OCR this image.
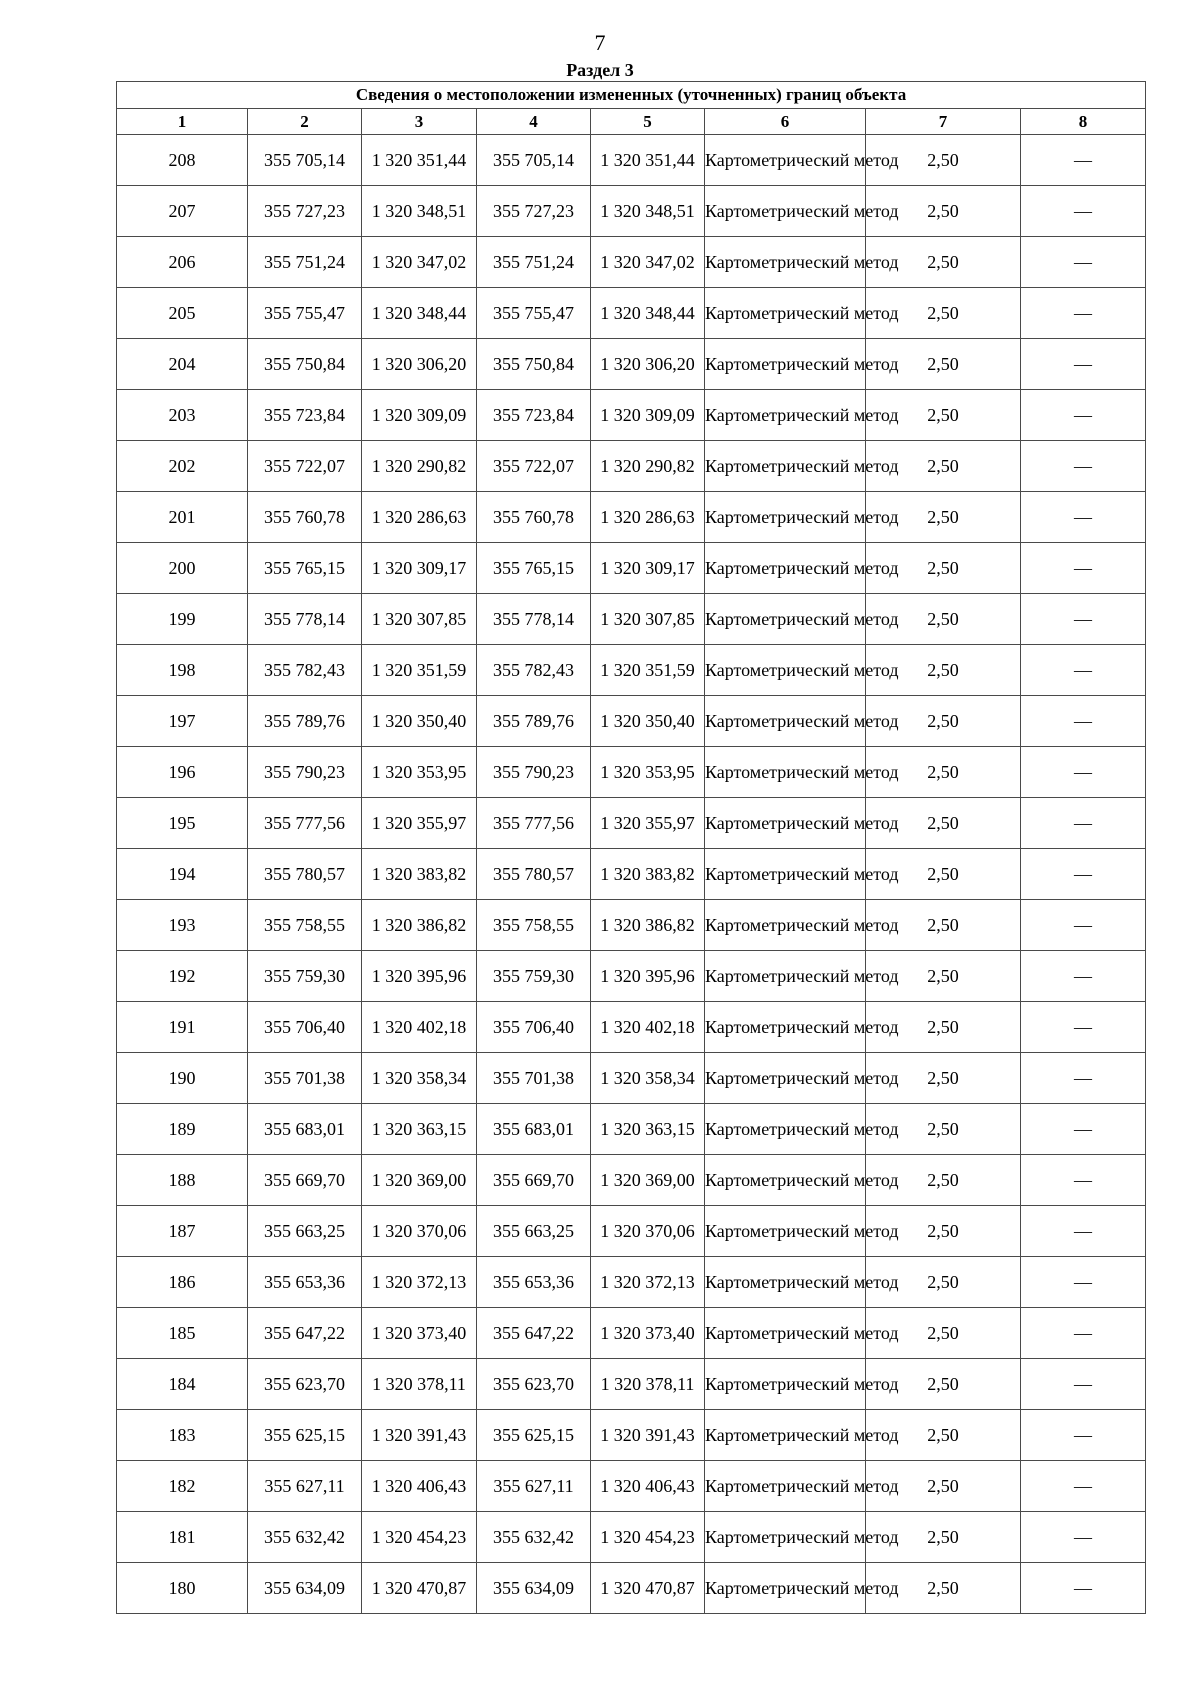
7
Раздел 3
Сведения о местоположении измененных (уточненных) границ объекта							
1	2	3	4	5	6	7	8
208	355 705,14	1 320 351,44	355 705,14	1 320 351,44	Картометрический метод	2,50	—
207	355 727,23	1 320 348,51	355 727,23	1 320 348,51	Картометрический метод	2,50	—
206	355 751,24	1 320 347,02	355 751,24	1 320 347,02	Картометрический метод	2,50	—
205	355 755,47	1 320 348,44	355 755,47	1 320 348,44	Картометрический метод	2,50	—
204	355 750,84	1 320 306,20	355 750,84	1 320 306,20	Картометрический метод	2,50	—
203	355 723,84	1 320 309,09	355 723,84	1 320 309,09	Картометрический метод	2,50	—
202	355 722,07	1 320 290,82	355 722,07	1 320 290,82	Картометрический метод	2,50	—
201	355 760,78	1 320 286,63	355 760,78	1 320 286,63	Картометрический метод	2,50	—
200	355 765,15	1 320 309,17	355 765,15	1 320 309,17	Картометрический метод	2,50	—
199	355 778,14	1 320 307,85	355 778,14	1 320 307,85	Картометрический метод	2,50	—
198	355 782,43	1 320 351,59	355 782,43	1 320 351,59	Картометрический метод	2,50	—
197	355 789,76	1 320 350,40	355 789,76	1 320 350,40	Картометрический метод	2,50	—
196	355 790,23	1 320 353,95	355 790,23	1 320 353,95	Картометрический метод	2,50	—
195	355 777,56	1 320 355,97	355 777,56	1 320 355,97	Картометрический метод	2,50	—
194	355 780,57	1 320 383,82	355 780,57	1 320 383,82	Картометрический метод	2,50	—
193	355 758,55	1 320 386,82	355 758,55	1 320 386,82	Картометрический метод	2,50	—
192	355 759,30	1 320 395,96	355 759,30	1 320 395,96	Картометрический метод	2,50	—
191	355 706,40	1 320 402,18	355 706,40	1 320 402,18	Картометрический метод	2,50	—
190	355 701,38	1 320 358,34	355 701,38	1 320 358,34	Картометрический метод	2,50	—
189	355 683,01	1 320 363,15	355 683,01	1 320 363,15	Картометрический метод	2,50	—
188	355 669,70	1 320 369,00	355 669,70	1 320 369,00	Картометрический метод	2,50	—
187	355 663,25	1 320 370,06	355 663,25	1 320 370,06	Картометрический метод	2,50	—
186	355 653,36	1 320 372,13	355 653,36	1 320 372,13	Картометрический метод	2,50	—
185	355 647,22	1 320 373,40	355 647,22	1 320 373,40	Картометрический метод	2,50	—
184	355 623,70	1 320 378,11	355 623,70	1 320 378,11	Картометрический метод	2,50	—
183	355 625,15	1 320 391,43	355 625,15	1 320 391,43	Картометрический метод	2,50	—
182	355 627,11	1 320 406,43	355 627,11	1 320 406,43	Картометрический метод	2,50	—
181	355 632,42	1 320 454,23	355 632,42	1 320 454,23	Картометрический метод	2,50	—
180	355 634,09	1 320 470,87	355 634,09	1 320 470,87	Картометрический метод	2,50	—
